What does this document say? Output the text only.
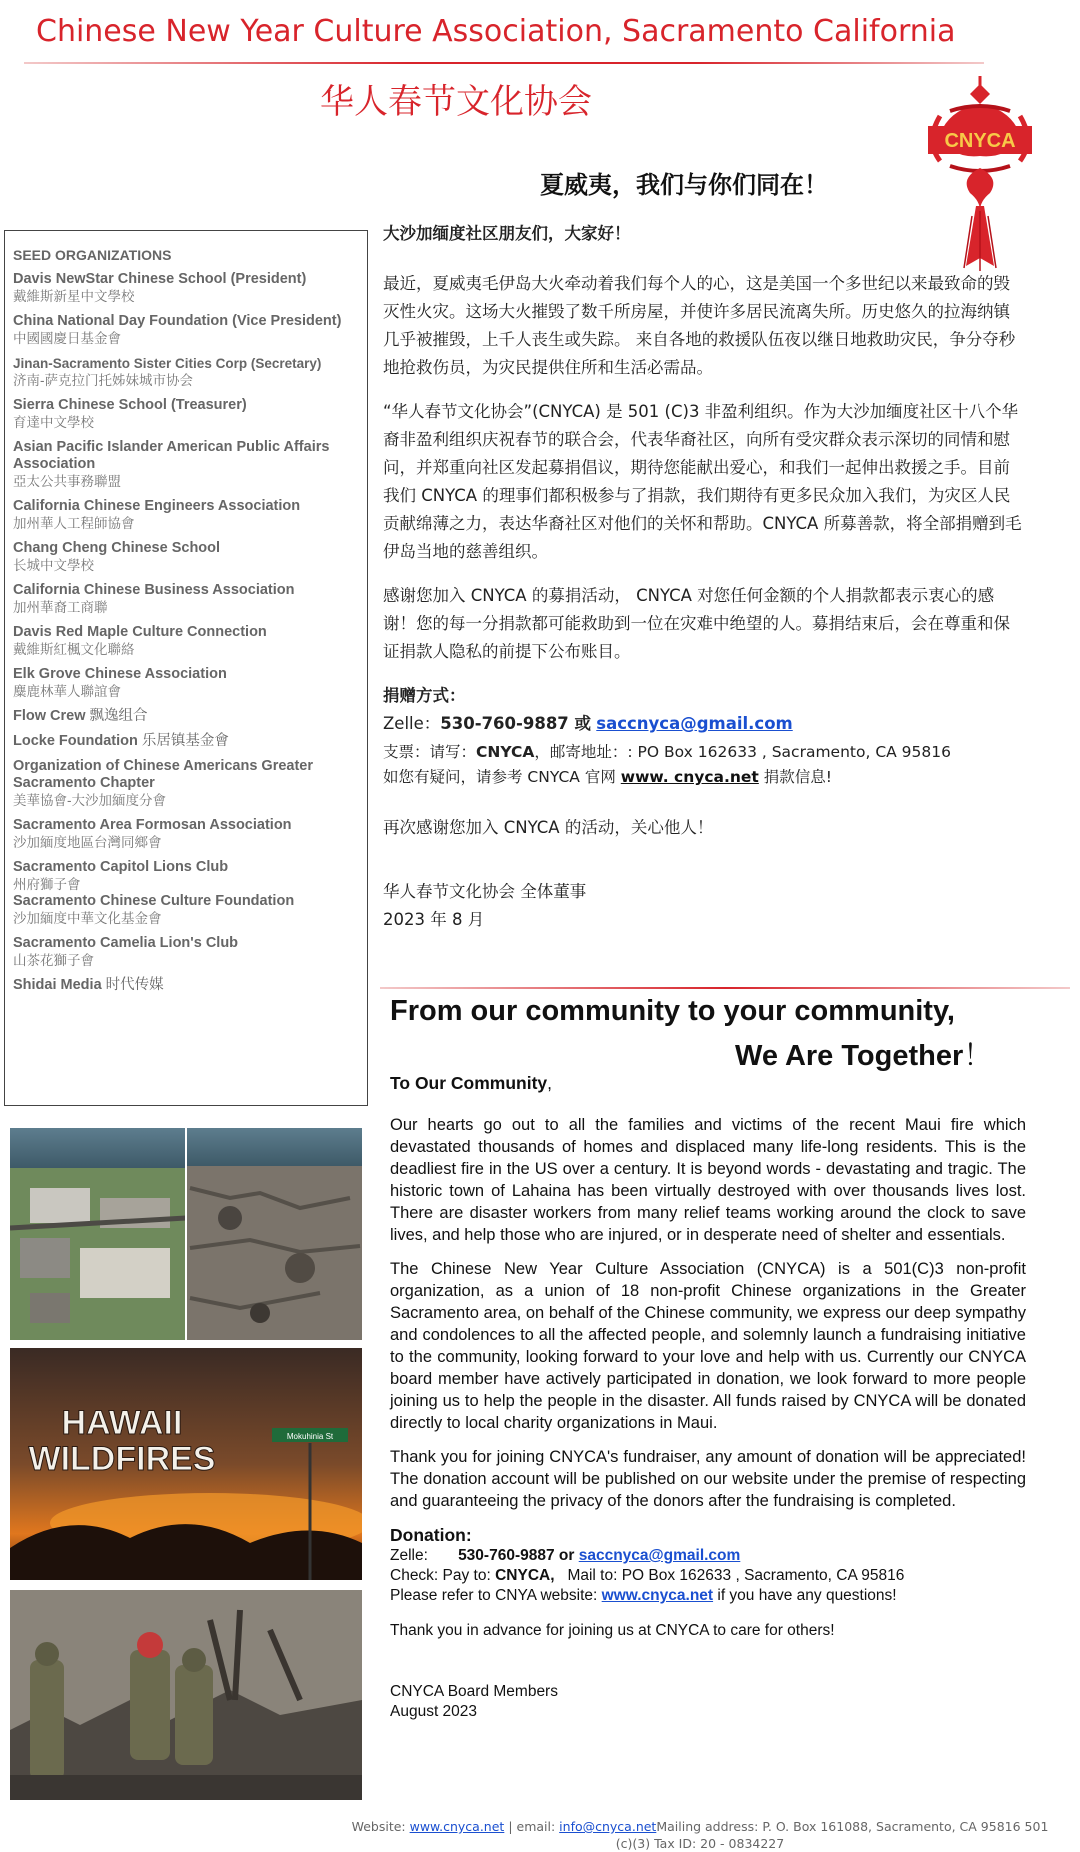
Chinese New Year Culture Association, Sacramento California
华人春节文化协会
CNYCA
夏威夷，我们与你们同在！
SEED ORGANIZATIONS
Davis NewStar Chinese School (President)
戴維斯新星中文學校
China National Day Foundation (Vice President)
中國國慶日基金會
Jinan-Sacramento Sister Cities Corp (Secretary)
济南-萨克拉门托姊妹城市协会
Sierra Chinese School (Treasurer)
育達中文學校
Asian Pacific Islander American Public Affairs Association
亞太公共事務聯盟
California Chinese Engineers Association
加州華人工程師協會
Chang Cheng Chinese School
长城中文學校
California Chinese Business Association
加州華裔工商聯
Davis Red Maple Culture Connection
戴維斯紅楓文化聯絡
Elk Grove Chinese Association
麋鹿林華人聯誼會
Flow Crew 飘逸组合
Locke Foundation 乐居镇基金會
Organization of Chinese Americans Greater Sacramento Chapter
美華協會-大沙加緬度分會
Sacramento Area Formosan Association
沙加緬度地區台灣同鄉會
Sacramento Capitol Lions Club
州府獅子會
Sacramento Chinese Culture Foundation
沙加緬度中華文化基金會
Sacramento Camelia Lion's Club
山茶花獅子會
Shidai Media 时代传媒
HAWAII
WILDFIRES
Mokuhinia St

大沙加缅度社区朋友们，大家好！

最近，夏威夷毛伊岛大火牵动着我们每个人的心，这是美国一个多世纪以来最致命的毁灭性火灾。这场大火摧毁了数千所房屋，并使许多居民流离失所。历史悠久的拉海纳镇几乎被摧毁，上千人丧生或失踪。 来自各地的救援队伍夜以继日地救助灾民，争分夺秒地抢救伤员，为灾民提供住所和生活必需品。

“华人春节文化协会”(CNYCA) 是 501 (C)3 非盈利组织。作为大沙加缅度社区十八个华裔非盈利组织庆祝春节的联合会，代表华裔社区，向所有受灾群众表示深切的同情和慰问，并郑重向社区发起募捐倡议，期待您能献出爱心，和我们一起伸出救援之手。目前我们 CNYCA 的理事们都积极参与了捐款，我们期待有更多民众加入我们，为灾区人民贡献绵薄之力，表达华裔社区对他们的关怀和帮助。CNYCA 所募善款，将全部捐赠到毛伊岛当地的慈善组织。

感谢您加入 CNYCA 的募捐活动， CNYCA 对您任何金额的个人捐款都表示衷心的感谢！您的每一分捐款都可能救助到一位在灾难中绝望的人。募捐结束后，会在尊重和保证捐款人隐私的前提下公布账目。

捐赠方式：
Zelle：530-760-9887 或 saccnyca@gmail.com
支票：请写：CNYCA，邮寄地址：: PO Box 162633 , Sacramento, CA 95816
如您有疑问，请参考 CNYCA 官网 www. cnyca.net 捐款信息!

再次感谢您加入 CNYCA 的活动，关心他人！

华人春节文化协会 全体董事
2023 年 8 月
From our community to your community,
We Are Together！

To Our Community,

Our hearts go out to all the families and victims of the recent Maui fire which devastated thousands of homes and displaced many life-long residents. This is the deadliest fire in the US over a century. It is beyond words - devastating and tragic. The historic town of Lahaina has been virtually destroyed with over thousands lives lost. There are disaster workers from many relief teams working around the clock to save lives, and help those who are injured, or in desperate need of shelter and essentials.

The Chinese New Year Culture Association (CNYCA) is a 501(C)3 non-profit organization, as a union of 18 non-profit Chinese organizations in the Greater Sacramento area, on behalf of the Chinese community, we express our deep sympathy and condolences to all the affected people, and solemnly launch a fundraising initiative to the community, looking forward to your love and help with us. Currently our CNYCA board member have actively participated in donation, we look forward to more people joining us to help the people in the disaster. All funds raised by CNYCA will be donated directly to local charity organizations in Maui.

Thank you for joining CNYCA's fundraiser, any amount of donation will be appreciated! The donation account will be published on our website under the premise of respecting and guaranteeing the privacy of the donors after the fundraising is completed.

Donation:
Zelle: 530-760-9887 or saccnyca@gmail.com
Check: Pay to: CNYCA, Mail to: PO Box 162633 , Sacramento, CA 95816
Please refer to CNYA website: www.cnyca.net if you have any questions!
Thank you in advance for joining us at CNYCA to care for others!
CNYCA Board Members
August 2023
Website: www.cnyca.net | email: info@cnyca.netMailing address: P. O. Box 161088, Sacramento, CA 95816 501 (c)(3) Tax ID: 20 - 0834227
